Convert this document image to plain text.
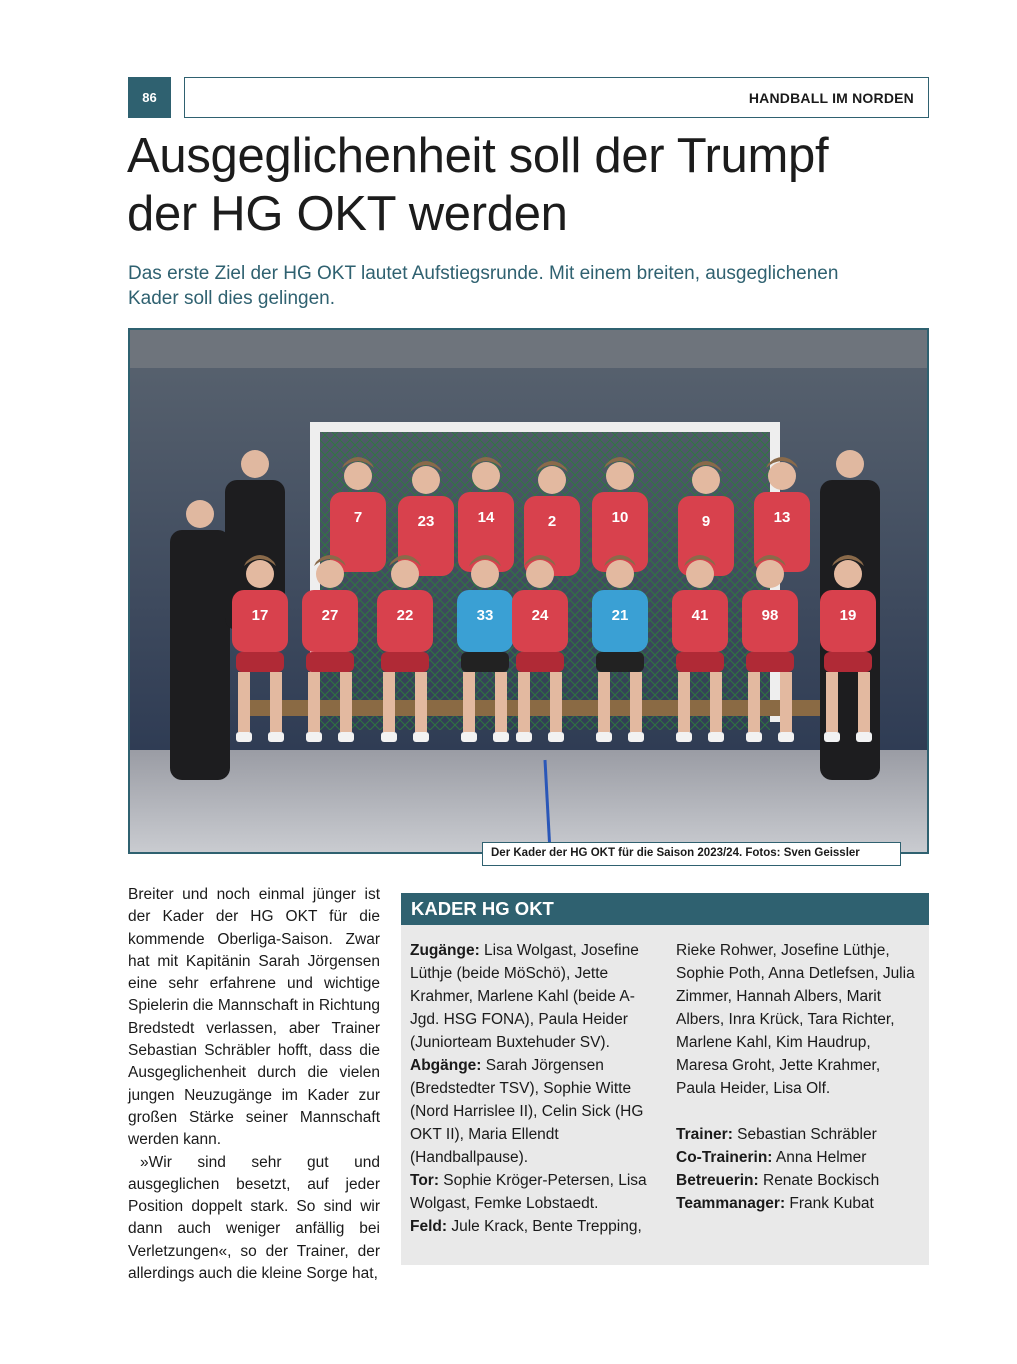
86	HANDBALL IM NORDEN
Ausgeglichenheit soll der Trumpf
der HG OKT werden
Das erste Ziel der HG OKT lautet Aufstiegsrunde. Mit einem breiten, ausgeglichenen
Kader soll dies gelingen.
7	23	14	2	10	9	13
17	27	22	33	24	21	41	98	19
Der Kader der HG OKT für die Saison 2023/24. Fotos: Sven Geissler

Breiter und noch einmal jünger ist der Kader der HG OKT für die kommende Oberliga-Saison. Zwar hat mit Kapitänin Sarah Jörgensen eine sehr erfahrene und wichtige Spielerin die Mannschaft in Richtung Bredstedt verlassen, aber Trainer Sebastian Schräbler hofft, dass die Ausgeglichenheit durch die vielen jungen Neuzugänge im Kader zur großen Stärke seiner Mannschaft werden kann.

»Wir sind sehr gut und ausgeglichen besetzt, auf jeder Position doppelt stark. So sind wir dann auch weniger anfällig bei Verletzungen«, so der Trainer, der allerdings auch die kleine Sorge hat,

KADER HG OKT

Zugänge: Lisa Wolgast, Josefine Lüthje (beide MöSchö), Jette Krahmer, Marlene Kahl (beide A-Jgd. HSG FONA), Paula Heider (Juniorteam Buxtehuder SV).

Abgänge: Sarah Jörgensen (Bredstedter TSV), Sophie Witte (Nord Harrislee II), Celin Sick (HG OKT II), Maria Ellendt (Handballpause).

Tor: Sophie Kröger-Petersen, Lisa Wolgast, Femke Lobstaedt.

Feld: Jule Krack, Bente Trepping,

Rieke Rohwer, Josefine Lüthje, Sophie Poth, Anna Detlefsen, Julia Zimmer, Hannah Albers, Marit Albers, Inra Krück, Tara Richter, Marlene Kahl, Kim Haudrup, Maresa Groht, Jette Krahmer, Paula Heider, Lisa Olf.

Trainer: Sebastian Schräbler

Co-Trainerin: Anna Helmer

Betreuerin: Renate Bockisch

Teammanager: Frank Kubat
